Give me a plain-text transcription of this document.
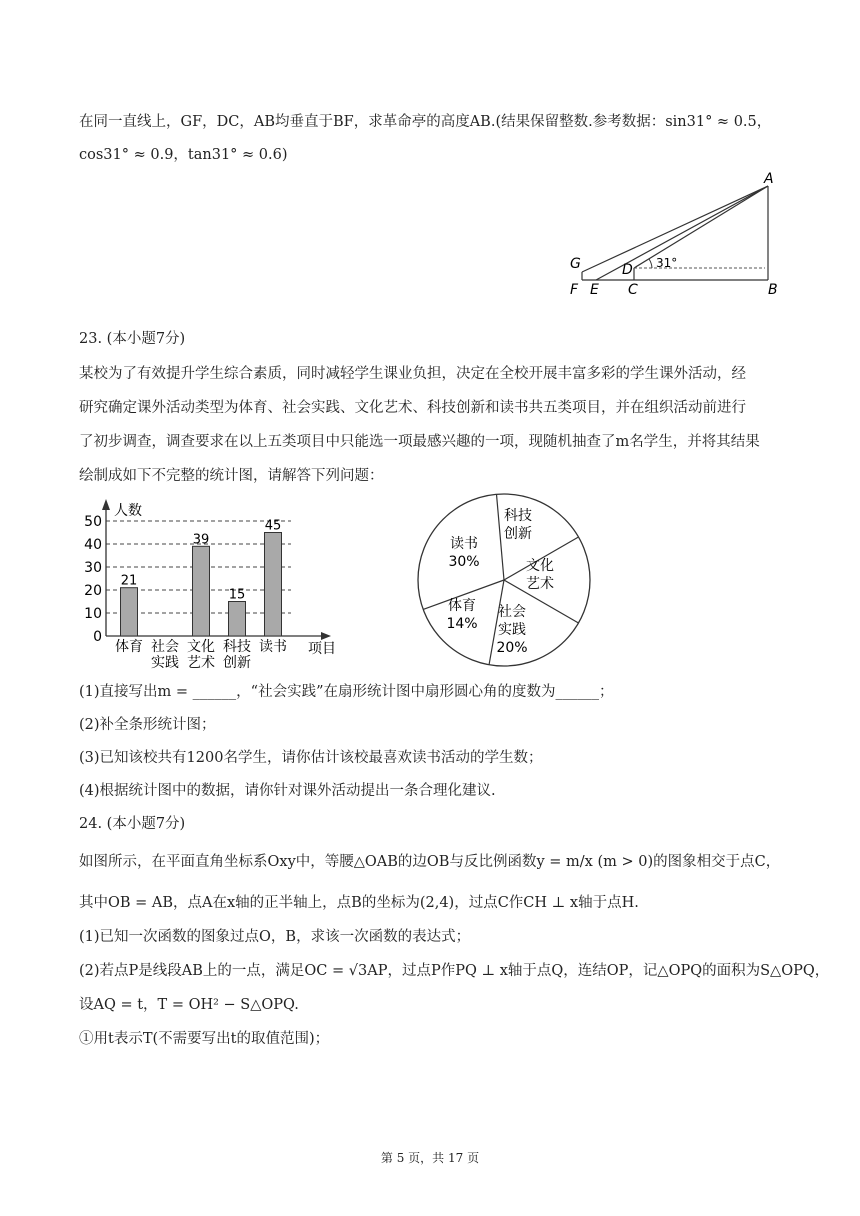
在同一直线上，GF，DC，AB均垂直于BF，求革命亭的高度AB.(结果保留整数.参考数据：sin31° ≈ 0.5，
cos31° ≈ 0.9，tan31° ≈ 0.6)
A
B
C
D
E
F
G	31°
23. (本小题7分)
某校为了有效提升学生综合素质，同时减轻学生课业负担，决定在全校开展丰富多彩的学生课外活动，经
研究确定课外活动类型为体育、社会实践、文化艺术、科技创新和读书共五类项目，并在组织活动前进行
了初步调查，调查要求在以上五类项目中只能选一项最感兴趣的一项，现随机抽查了m名学生，并将其结果
绘制成如下不完整的统计图，请解答下列问题：
0
10
20
30
40
50
人数
项目
21
体育 社会
实践
39
文化
艺术
15
科技
创新
45
读书
读书
30%
科技
创新
文化
艺术
社会
实践
20%
体育
14%
(1)直接写出m = ______，“社会实践”在扇形统计图中扇形圆心角的度数为______；
(2)补全条形统计图；
(3)已知该校共有1200名学生，请你估计该校最喜欢读书活动的学生数；
(4)根据统计图中的数据，请你针对课外活动提出一条合理化建议.
24. (本小题7分)
如图所示，在平面直角坐标系Oxy中，等腰△OAB的边OB与反比例函数y = m/x (m > 0)的图象相交于点C，
其中OB = AB，点A在x轴的正半轴上，点B的坐标为(2,4)，过点C作CH ⊥ x轴于点H.
(1)已知一次函数的图象过点O，B，求该一次函数的表达式；
(2)若点P是线段AB上的一点，满足OC = √3AP，过点P作PQ ⊥ x轴于点Q，连结OP，记△OPQ的面积为S△OPQ，
设AQ = t，T = OH² − S△OPQ.
①用t表示T(不需要写出t的取值范围)；
第 5 页，共 17 页
